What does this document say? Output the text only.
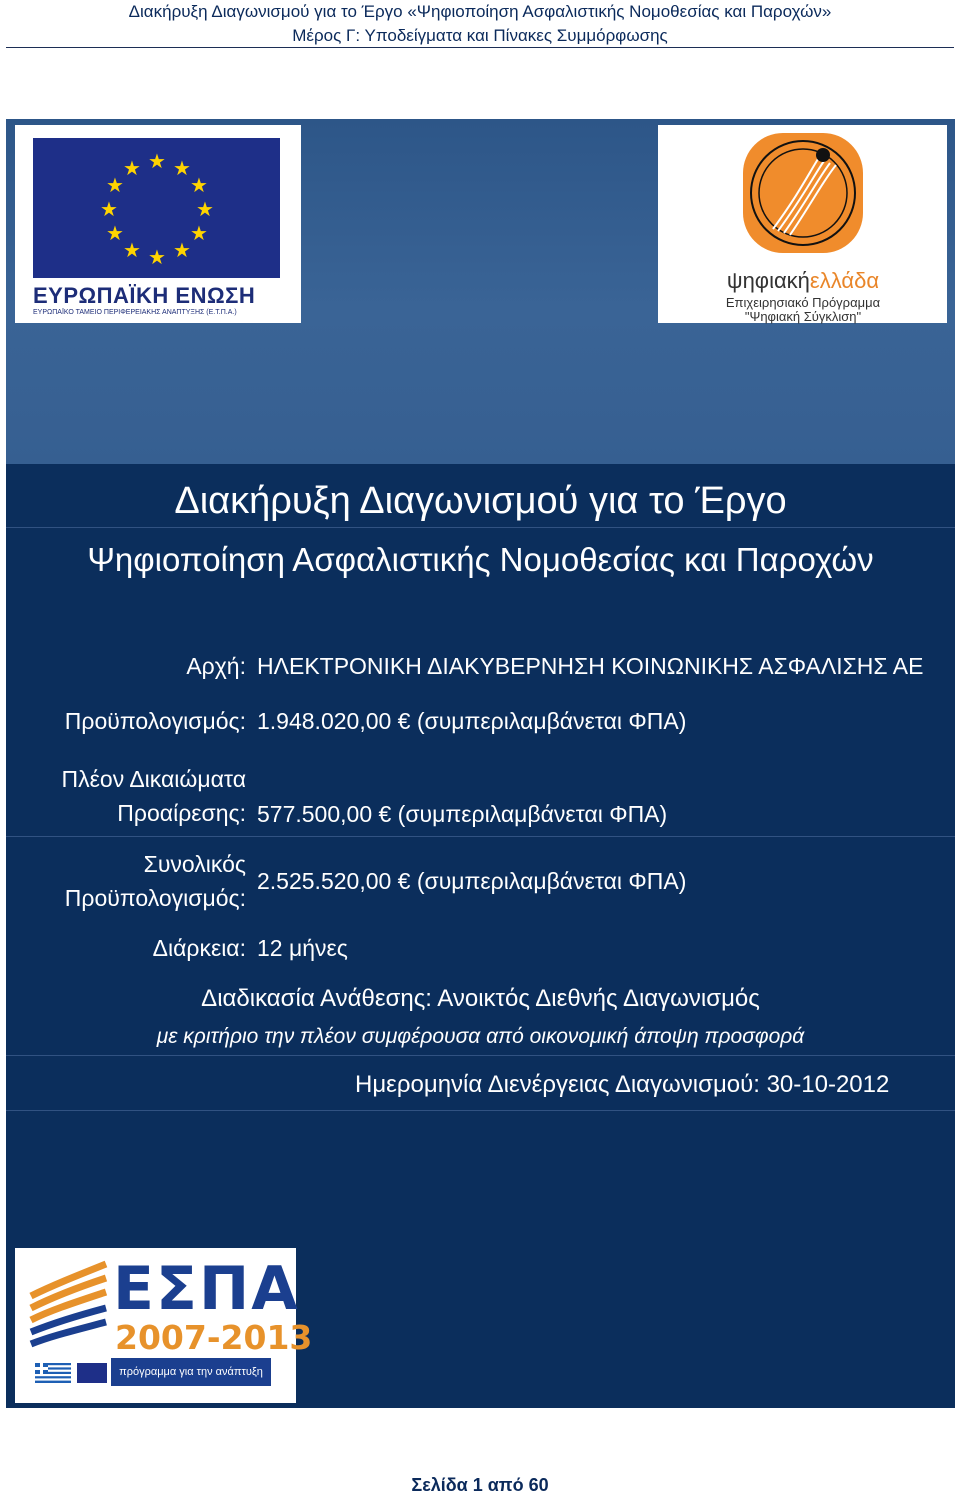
Διακήρυξη Διαγωνισμού για το Έργο «Ψηφιοποίηση Ασφαλιστικής Νομοθεσίας και Παροχών»
Μέρος Γ: Υποδείγματα και Πίνακες Συμμόρφωσης
★ ★
★
★
★
★
★
★
★
★
★
★
ΕΥΡΩΠΑΪΚΗ ΕΝΩΣΗ
ΕΥΡΩΠΑΪΚΟ ΤΑΜΕΙΟ ΠΕΡΙΦΕΡΕΙΑΚΗΣ ΑΝΑΠΤΥΞΗΣ (Ε.Τ.Π.Α.)
ψηφιακήελλάδα
Επιχειρησιακό Πρόγραμμα
"Ψηφιακή Σύγκλιση"
Διακήρυξη Διαγωνισμού για το Έργο
Ψηφιοποίηση Ασφαλιστικής Νομοθεσίας και Παροχών
Αρχή: ΗΛΕΚΤΡΟΝΙΚΗ ΔΙΑΚΥΒΕΡΝΗΣΗ ΚΟΙΝΩΝΙΚΗΣ ΑΣΦΑΛΙΣΗΣ ΑΕ
Προϋπολογισμός: 1.948.020,00 € (συμπεριλαμβάνεται ΦΠΑ)
Πλέον Δικαιώματα
Προαίρεσης: 577.500,00 € (συμπεριλαμβάνεται ΦΠΑ)
Συνολικός
Προϋπολογισμός:
2.525.520,00 € (συμπεριλαμβάνεται ΦΠΑ)
Διάρκεια: 12 μήνες
Διαδικασία Ανάθεσης: Ανοικτός Διεθνής Διαγωνισμός
με κριτήριο την πλέον συμφέρουσα από οικονομική άποψη προσφορά
Ημερομηνία Διενέργειας Διαγωνισμού: 30-10-2012
ΕΣΠΑ
2007-2013
πρόγραμμα για την ανάπτυξη
Σελίδα 1 από 60
